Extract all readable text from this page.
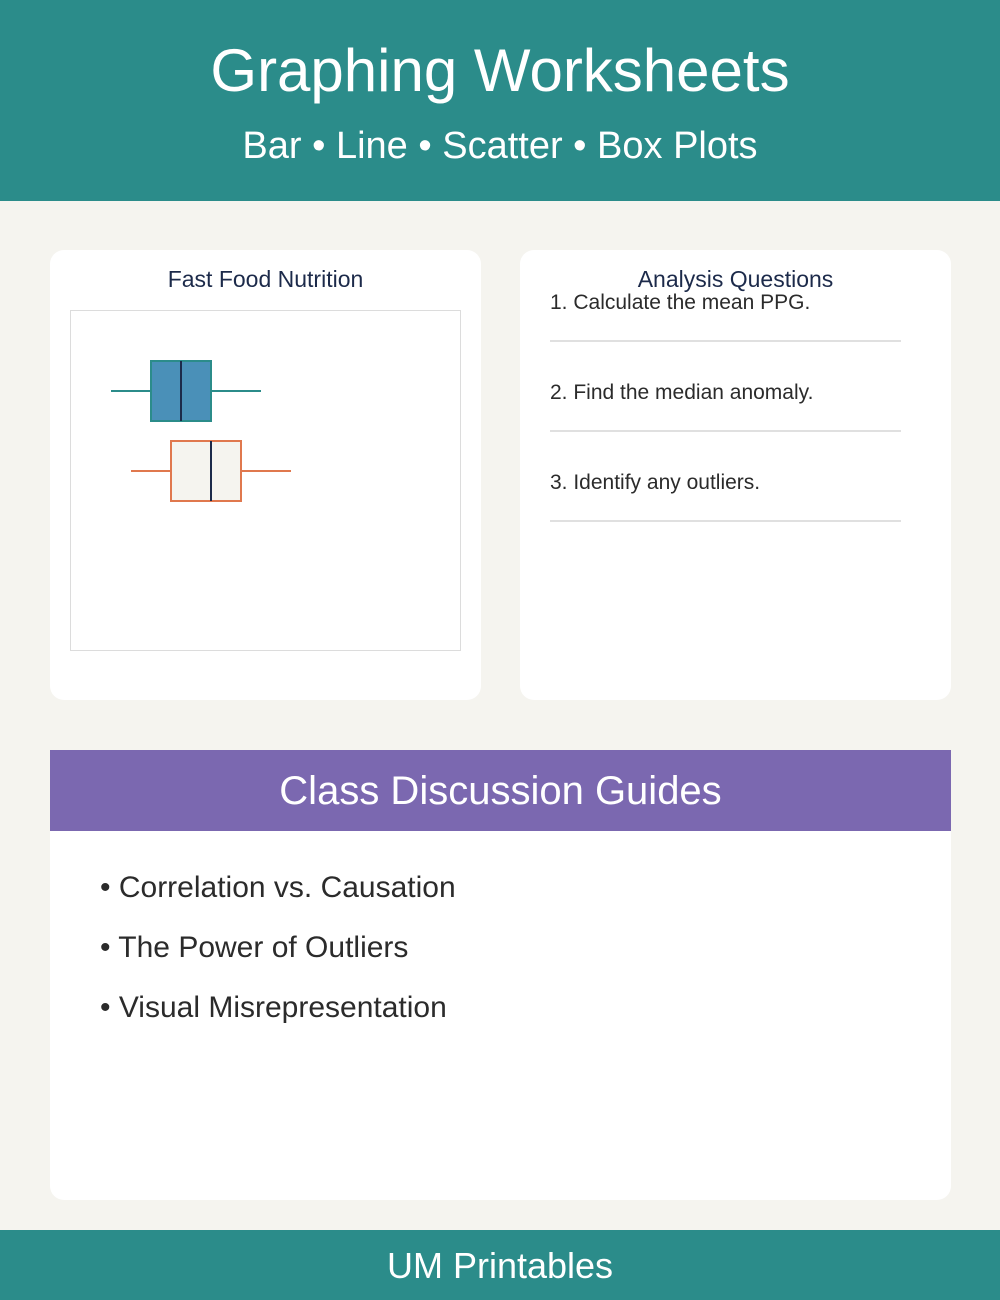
Graphing Worksheets
Bar • Line • Scatter • Box Plots
Fast Food Nutrition	Analysis Questions
1. Calculate the mean PPG.
2. Find the median anomaly.
3. Identify any outliers.
Class Discussion Guides
• Correlation vs. Causation
• The Power of Outliers
• Visual Misrepresentation
UM Printables
